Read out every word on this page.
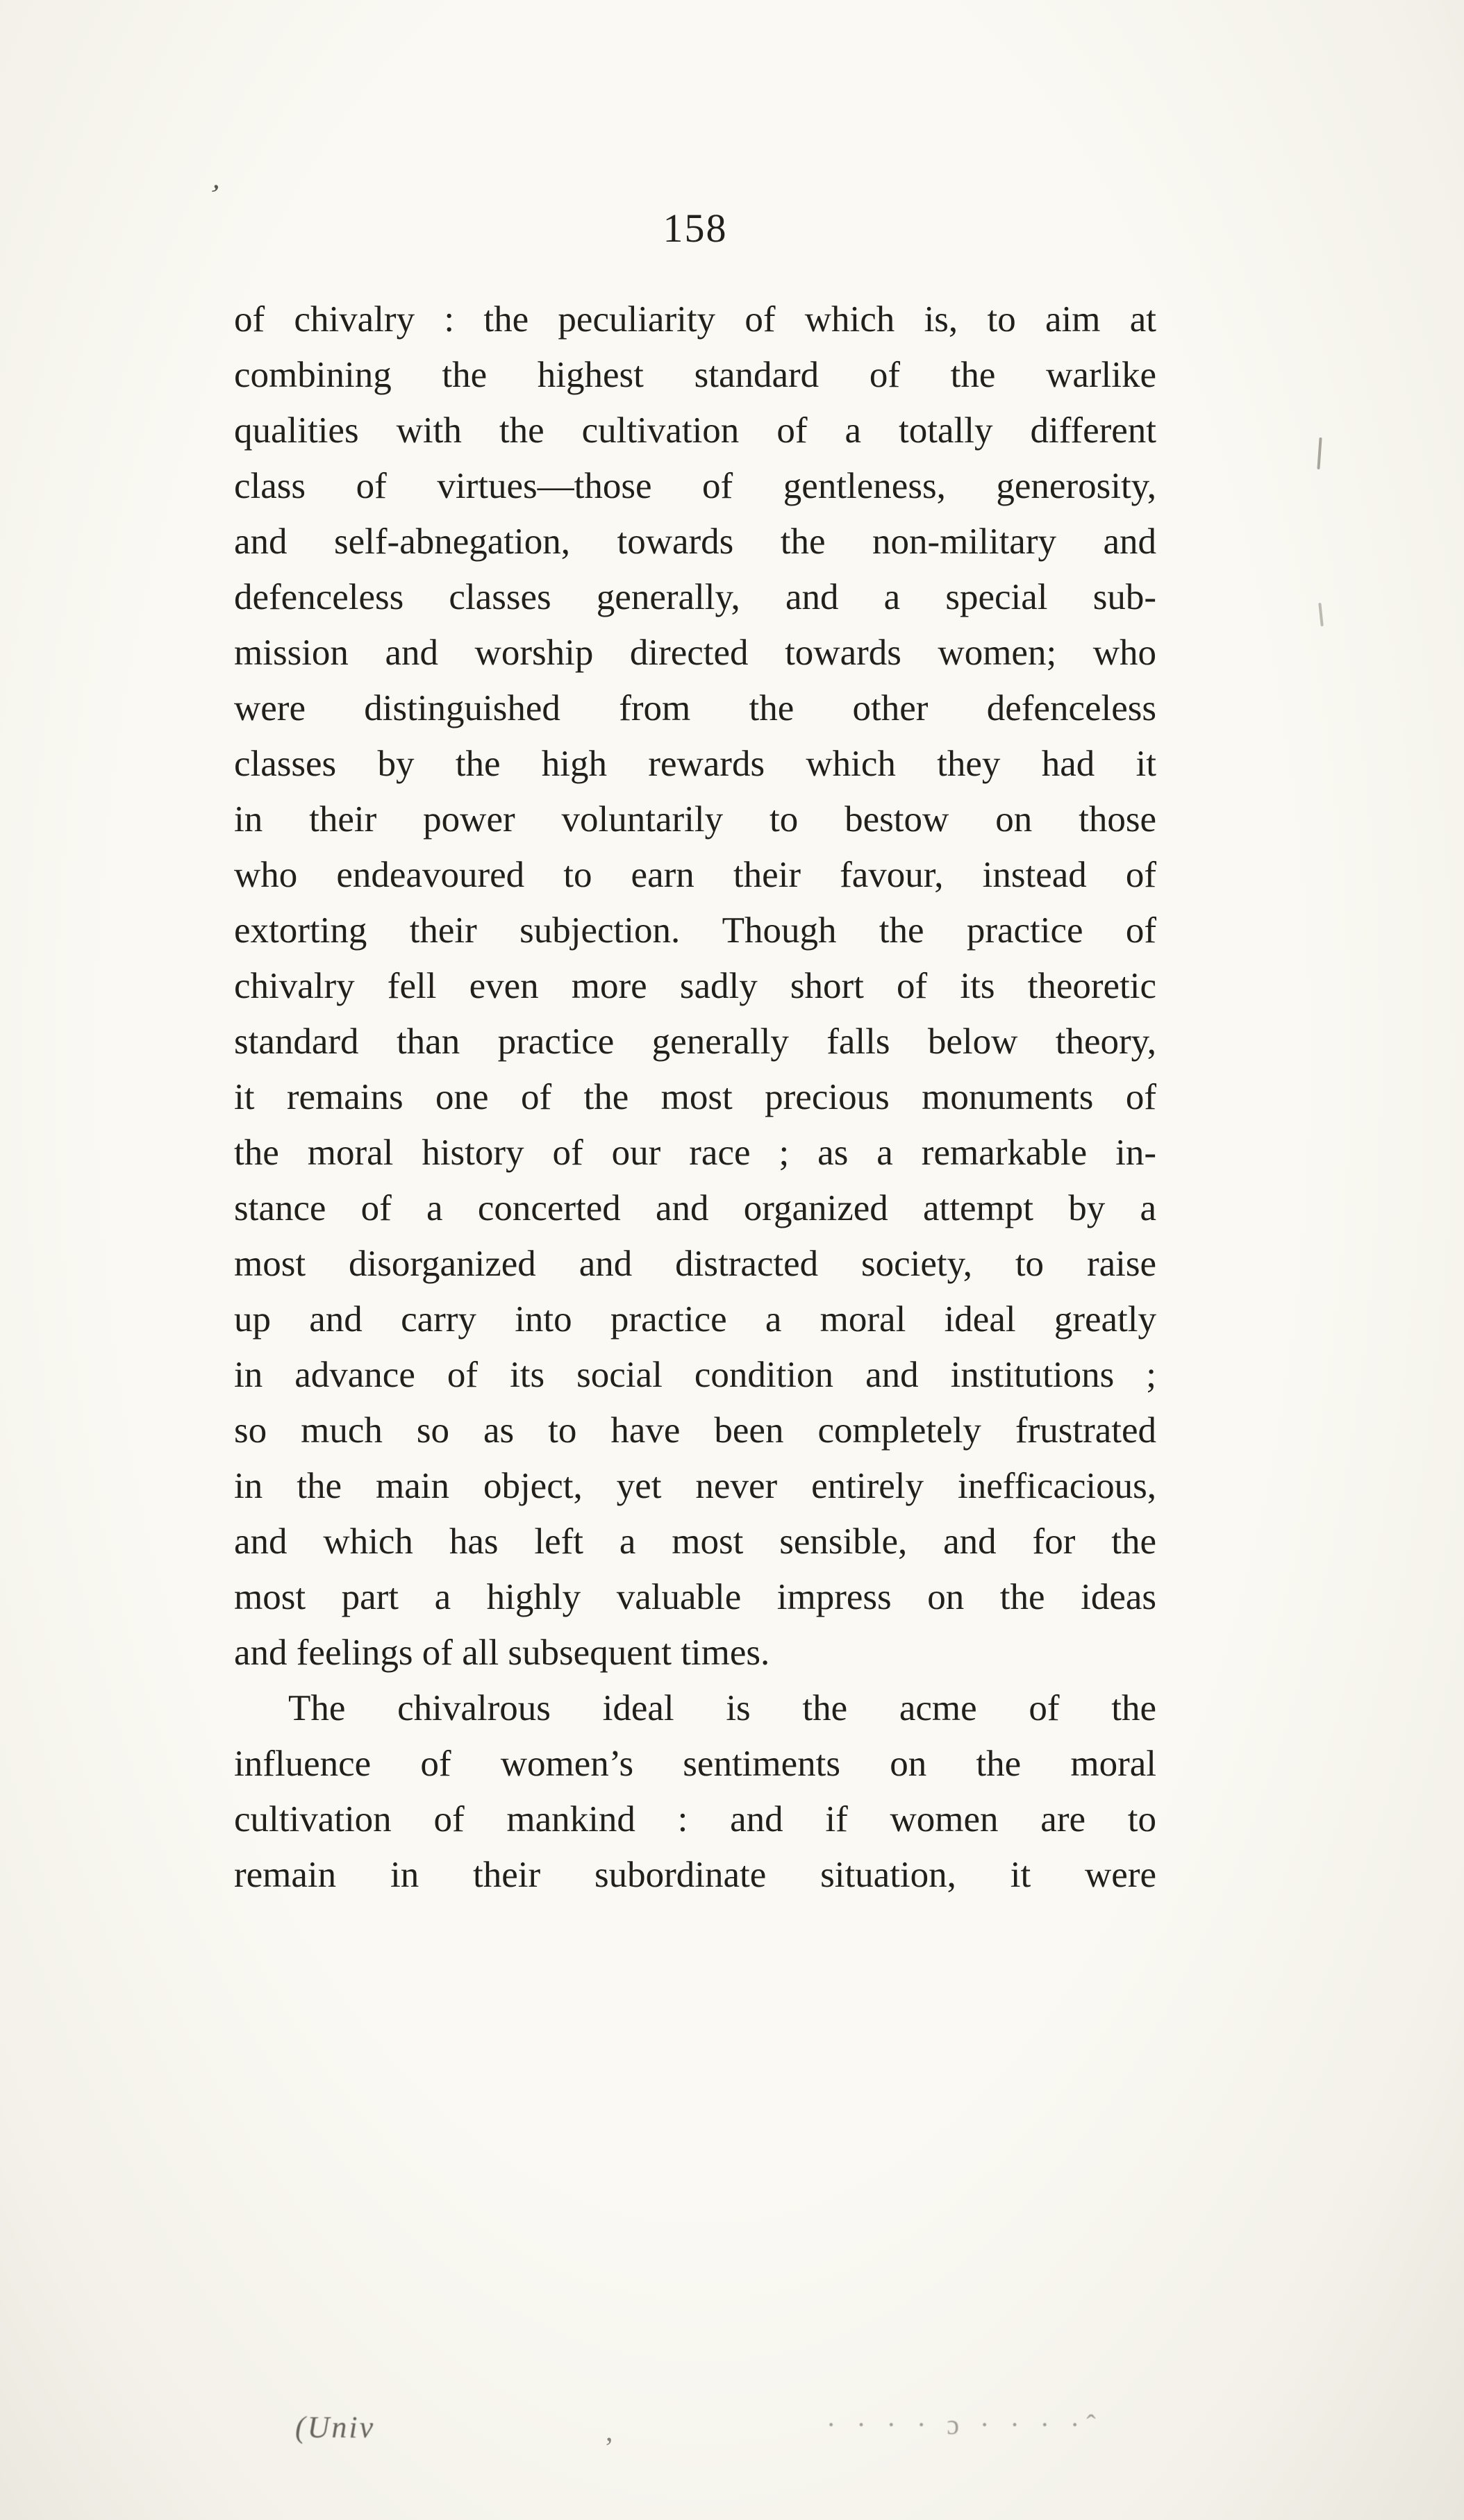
’
158
of chivalry : the peculiarity of which is, to aim at
combining the highest standard of the warlike
qualities with the cultivation of a totally different
class of virtues—those of gentleness, generosity,
and self-abnegation, towards the non-military and
defenceless classes generally, and a special sub-
mission and worship directed towards women; who
were distinguished from the other defenceless
classes by the high rewards which they had it
in their power voluntarily to bestow on those
who endeavoured to earn their favour, instead of
extorting their subjection. Though the practice of
chivalry fell even more sadly short of its theoretic
standard than practice generally falls below theory,
it remains one of the most precious monuments of
the moral history of our race ; as a remarkable in-
stance of a concerted and organized attempt by a
most disorganized and distracted society, to raise
up and carry into practice a moral ideal greatly
in advance of its social condition and institutions ;
so much so as to have been completely frustrated
in the main object, yet never entirely inefficacious,
and which has left a most sensible, and for the
most part a highly valuable impress on the ideas
and feelings of all subsequent times.
The chivalrous ideal is the acme of the
influence of women’s sentiments on the moral
cultivation of mankind : and if women are to
remain in their subordinate situation, it were
(Univ	,	· · · · ɔ · · · ·ˆ
